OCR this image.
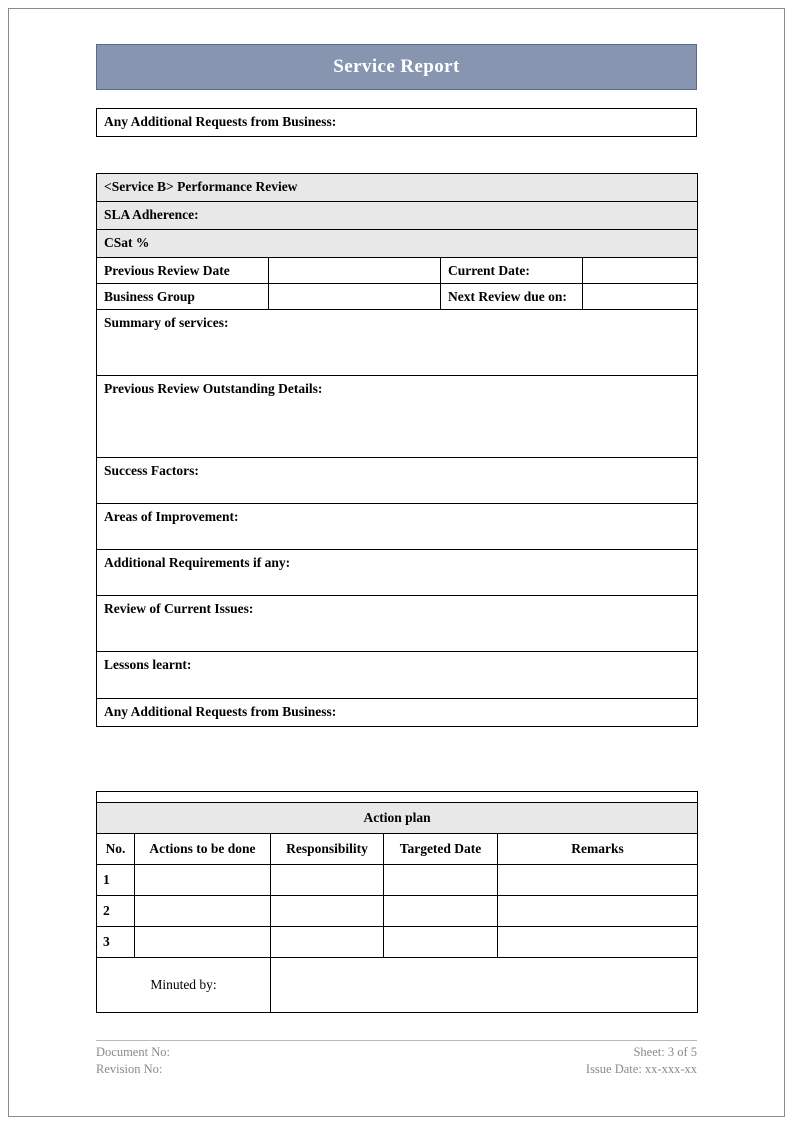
Service Report
Any Additional Requests from Business:
<Service B> Performance Review			
SLA Adherence:			
CSat %			
Previous Review Date		Current Date:	
Business Group		Next Review due on:	
Summary of services:			
Previous Review Outstanding Details:			
Success Factors:			
Areas of Improvement:			
Additional Requirements if any:			
Review of Current Issues:			
Lessons learnt:			
Any Additional Requests from Business:			

Action plan				
No.	Actions to be done	Responsibility	Targeted Date	Remarks
1				
2				
3				
Minuted by:				
Document No:	Sheet: 3 of 5
Revision No:	Issue Date: xx-xxx-xx
